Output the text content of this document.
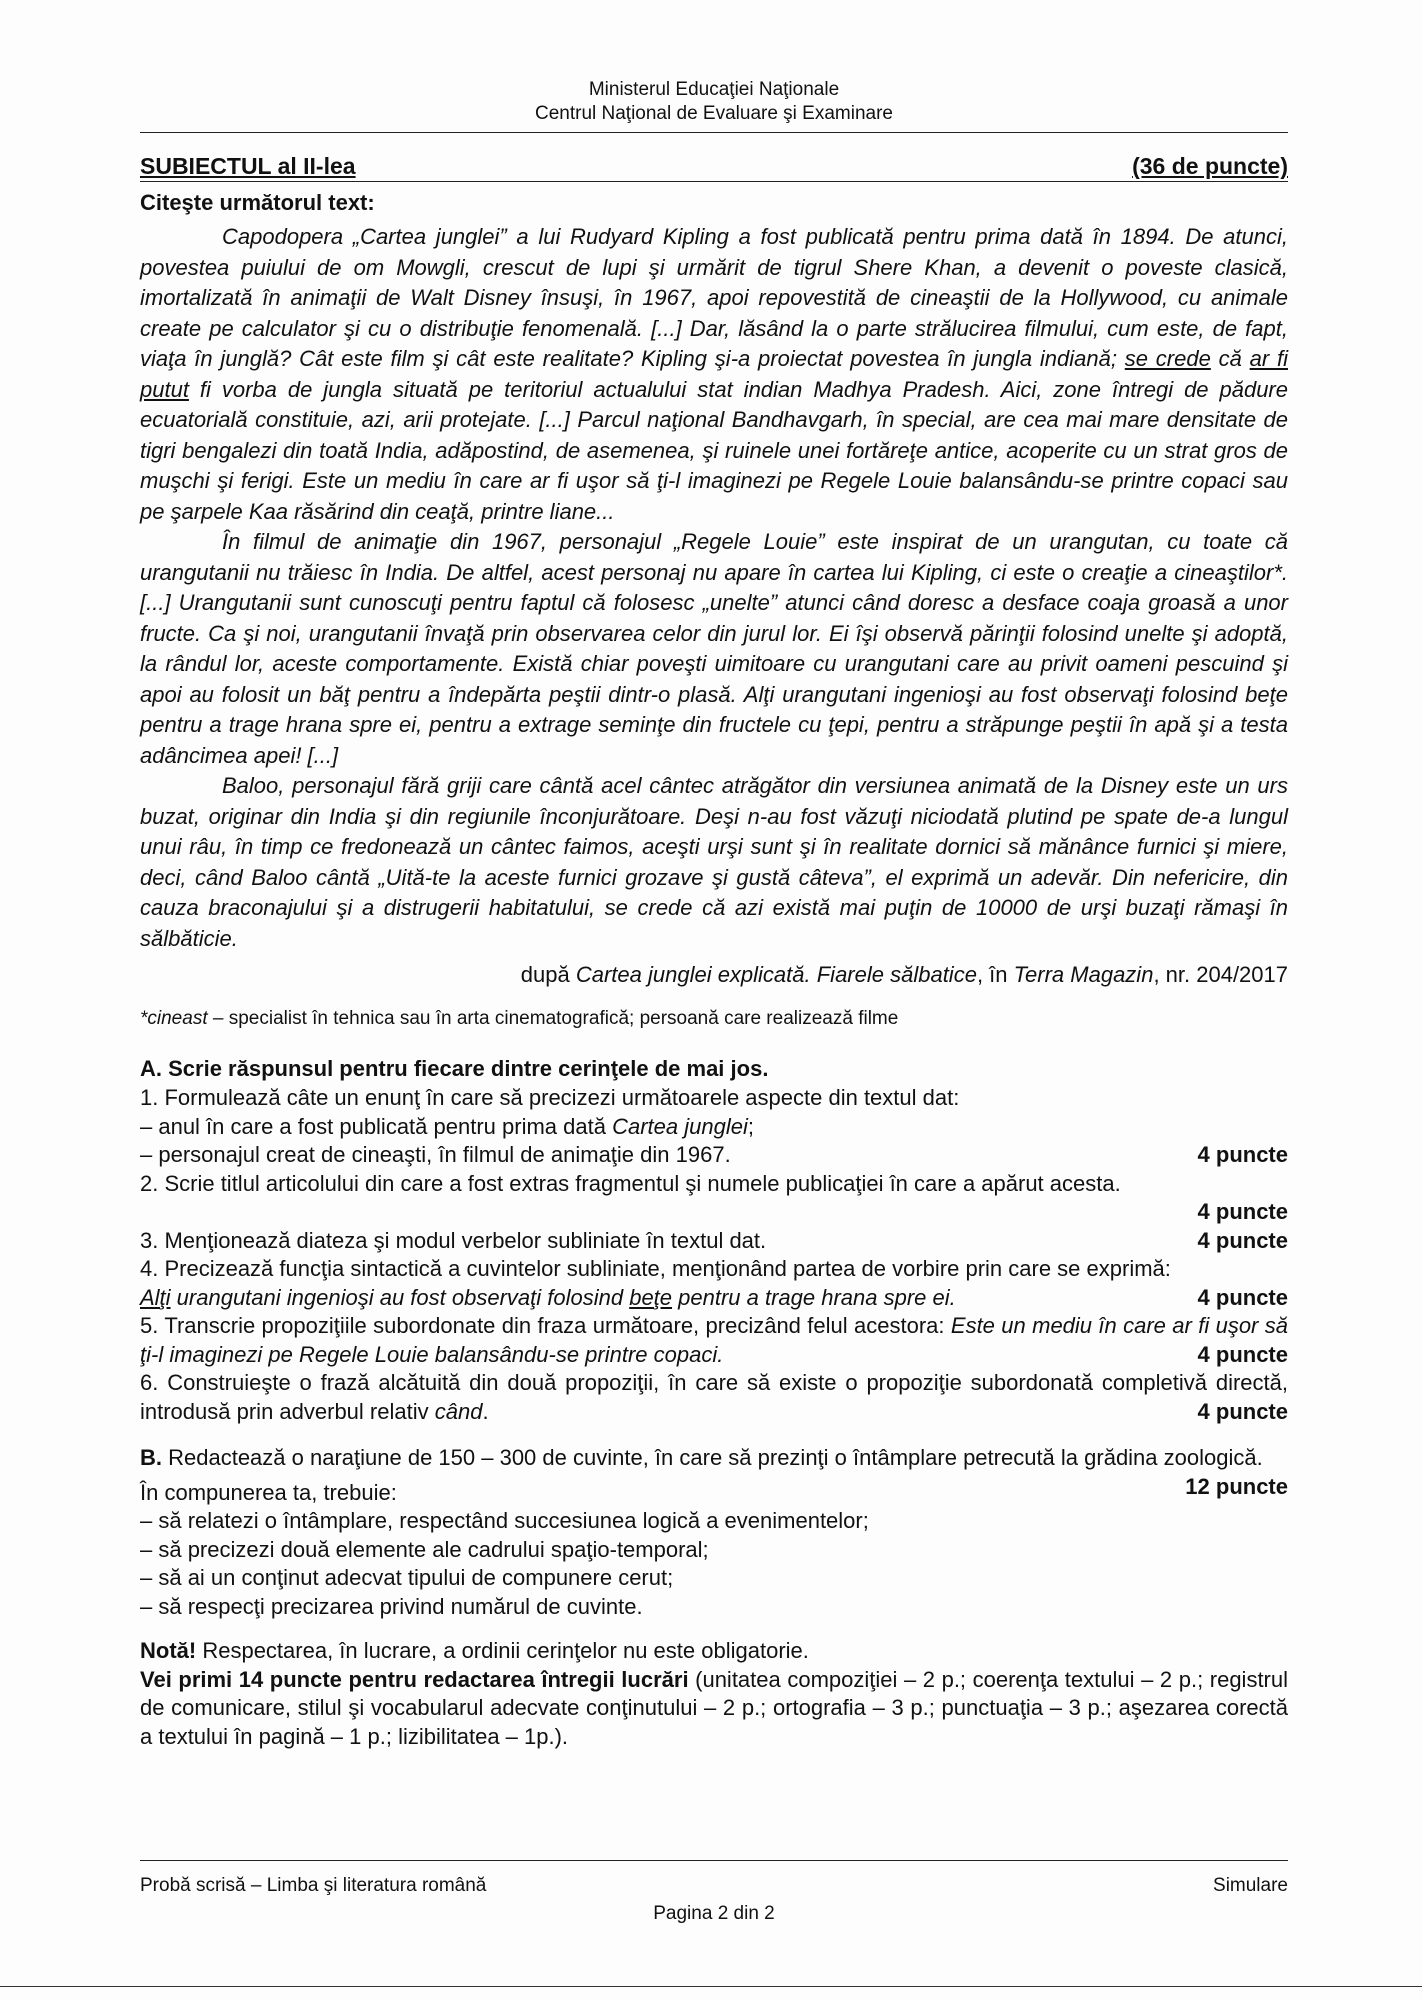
Ministerul Educaţiei Naţionale
Centrul Naţional de Evaluare şi Examinare
SUBIECTUL al II-lea	(36 de puncte)
Citeşte următorul text:

Capodopera „Cartea junglei” a lui Rudyard Kipling a fost publicată pentru prima dată în 1894. De atunci, povestea puiului de om Mowgli, crescut de lupi şi urmărit de tigrul Shere Khan, a devenit o poveste clasică, imortalizată în animaţii de Walt Disney însuşi, în 1967, apoi repovestită de cineaştii de la Hollywood, cu animale create pe calculator şi cu o distribuţie fenomenală. [...] Dar, lăsând la o parte strălucirea filmului, cum este, de fapt, viaţa în junglă? Cât este film şi cât este realitate? Kipling şi-a proiectat povestea în jungla indiană; se crede că ar fi putut fi vorba de jungla situată pe teritoriul actualului stat indian Madhya Pradesh. Aici, zone întregi de pădure ecuatorială constituie, azi, arii protejate. [...] Parcul naţional Bandhavgarh, în special, are cea mai mare densitate de tigri bengalezi din toată India, adăpostind, de asemenea, şi ruinele unei fortăreţe antice, acoperite cu un strat gros de muşchi şi ferigi. Este un mediu în care ar fi uşor să ţi-l imaginezi pe Regele Louie balansându-se printre copaci sau pe şarpele Kaa răsărind din ceaţă, printre liane...

În filmul de animaţie din 1967, personajul „Regele Louie” este inspirat de un urangutan, cu toate că urangutanii nu trăiesc în India. De altfel, acest personaj nu apare în cartea lui Kipling, ci este o creaţie a cineaştilor*. [...] Urangutanii sunt cunoscuţi pentru faptul că folosesc „unelte” atunci când doresc a desface coaja groasă a unor fructe. Ca şi noi, urangutanii învaţă prin observarea celor din jurul lor. Ei îşi observă părinţii folosind unelte şi adoptă, la rândul lor, aceste comportamente. Există chiar poveşti uimitoare cu urangutani care au privit oameni pescuind şi apoi au folosit un băţ pentru a îndepărta peştii dintr-o plasă. Alţi urangutani ingenioşi au fost observaţi folosind beţe pentru a trage hrana spre ei, pentru a extrage seminţe din fructele cu ţepi, pentru a străpunge peştii în apă şi a testa adâncimea apei! [...]

Baloo, personajul fără griji care cântă acel cântec atrăgător din versiunea animată de la Disney este un urs buzat, originar din India şi din regiunile înconjurătoare. Deşi n-au fost văzuţi niciodată plutind pe spate de-a lungul unui râu, în timp ce fredonează un cântec faimos, aceşti urşi sunt şi în realitate dornici să mănânce furnici şi miere, deci, când Baloo cântă „Uită-te la aceste furnici grozave şi gustă câteva”, el exprimă un adevăr. Din nefericire, din cauza braconajului şi a distrugerii habitatului, se crede că azi există mai puţin de 10000 de urşi buzaţi rămaşi în sălbăticie.

după Cartea junglei explicată. Fiarele sălbatice, în Terra Magazin, nr. 204/2017
*cineast – specialist în tehnica sau în arta cinematografică; persoană care realizează filme
A. Scrie răspunsul pentru fiecare dintre cerinţele de mai jos.
1. Formulează câte un enunţ în care să precizezi următoarele aspecte din textul dat:
– anul în care a fost publicată pentru prima dată Cartea junglei;
– personajul creat de cineaşti, în filmul de animaţie din 1967.	4 puncte
2. Scrie titlul articolului din care a fost extras fragmentul şi numele publicaţiei în care a apărut acesta.
4 puncte
3. Menţionează diateza şi modul verbelor subliniate în textul dat.	4 puncte
4. Precizează funcţia sintactică a cuvintelor subliniate, menţionând partea de vorbire prin care se exprimă:
Alţi urangutani ingenioşi au fost observaţi folosind beţe pentru a trage hrana spre ei.	4 puncte
5. Transcrie propoziţiile subordonate din fraza următoare, precizând felul acestora: Este un mediu în care ar fi uşor să ţi-l imaginezi pe Regele Louie balansându-se printre copaci.	4 puncte
6. Construieşte o frază alcătuită din două propoziţii, în care să existe o propoziţie subordonată completivă directă, introdusă prin adverbul relativ când.	4 puncte
B. Redactează o naraţiune de 150 – 300 de cuvinte, în care să prezinţi o întâmplare petrecută la grădina zoologică.
12 puncte
În compunerea ta, trebuie:
– să relatezi o întâmplare, respectând succesiunea logică a evenimentelor;
– să precizezi două elemente ale cadrului spaţio-temporal;
– să ai un conţinut adecvat tipului de compunere cerut;
– să respecţi precizarea privind numărul de cuvinte.
Notă! Respectarea, în lucrare, a ordinii cerinţelor nu este obligatorie.
Vei primi 14 puncte pentru redactarea întregii lucrări (unitatea compoziţiei – 2 p.; coerenţa textului – 2 p.; registrul de comunicare, stilul şi vocabularul adecvate conţinutului – 2 p.; ortografia – 3 p.; punctuaţia – 3 p.; aşezarea corectă a textului în pagină – 1 p.; lizibilitatea – 1p.).
Probă scrisă – Limba şi literatura română	Simulare
Pagina 2 din 2
